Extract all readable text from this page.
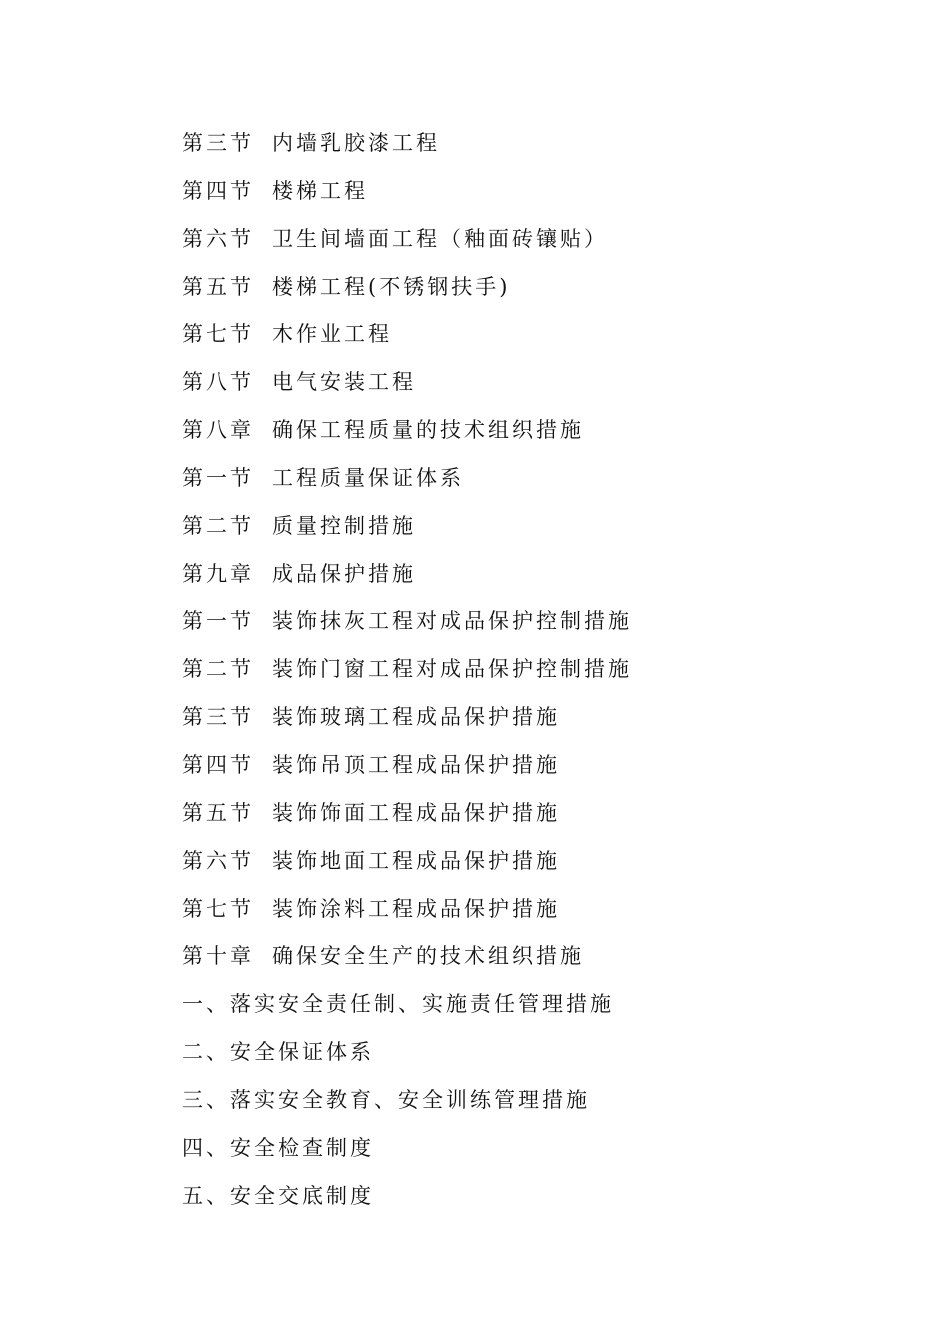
第三节 内墙乳胶漆工程
第四节 楼梯工程
第六节 卫生间墙面工程（釉面砖镶贴）
第五节 楼梯工程(不锈钢扶手)
第七节 木作业工程
第八节 电气安装工程
第八章 确保工程质量的技术组织措施
第一节 工程质量保证体系
第二节 质量控制措施
第九章 成品保护措施
第一节 装饰抹灰工程对成品保护控制措施
第二节 装饰门窗工程对成品保护控制措施
第三节 装饰玻璃工程成品保护措施
第四节 装饰吊顶工程成品保护措施
第五节 装饰饰面工程成品保护措施
第六节 装饰地面工程成品保护措施
第七节 装饰涂料工程成品保护措施
第十章 确保安全生产的技术组织措施
一、落实安全责任制、实施责任管理措施
二、安全保证体系
三、落实安全教育、安全训练管理措施
四、安全检查制度
五、安全交底制度
